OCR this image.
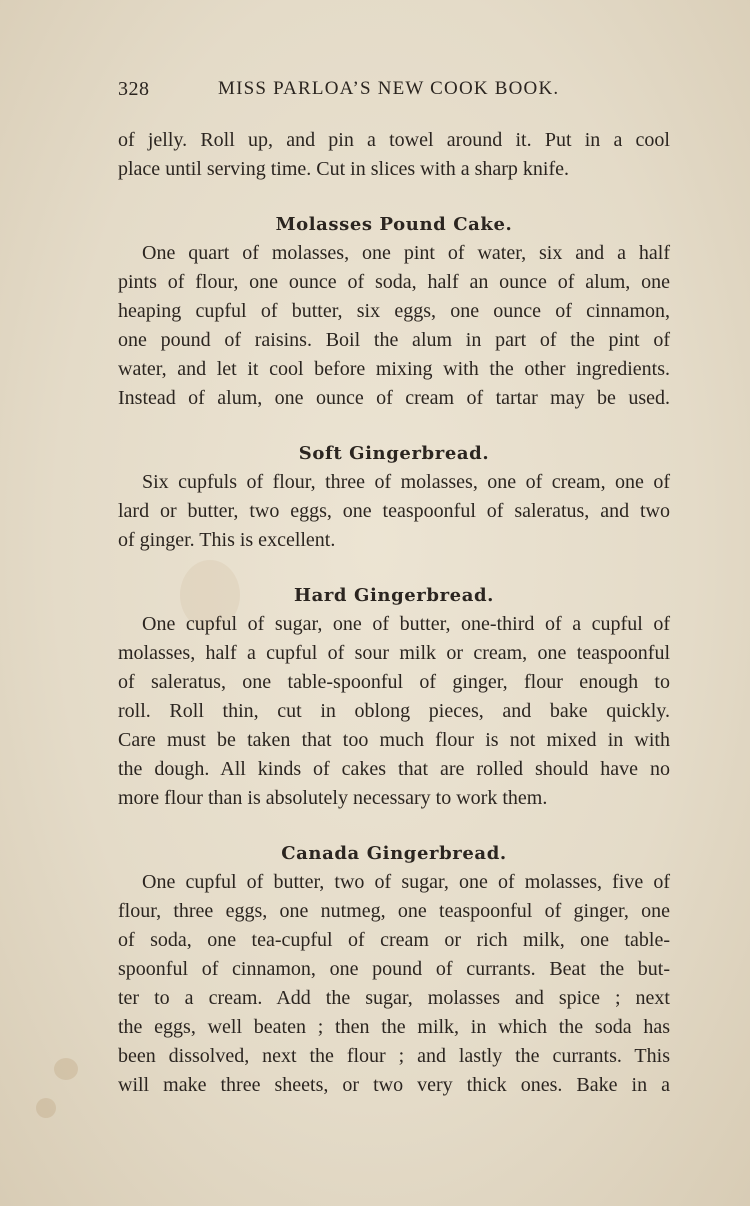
328	MISS PARLOA’S NEW COOK BOOK.
of jelly. Roll up, and pin a towel around it. Put in a cool
place until serving time. Cut in slices with a sharp knife.
Molasses Pound Cake.
One quart of molasses, one pint of water, six and a half
pints of flour, one ounce of soda, half an ounce of alum, one
heaping cupful of butter, six eggs, one ounce of cinnamon,
one pound of raisins. Boil the alum in part of the pint of
water, and let it cool before mixing with the other ingredients.
Instead of alum, one ounce of cream of tartar may be used.
Soft Gingerbread.
Six cupfuls of flour, three of molasses, one of cream, one of
lard or butter, two eggs, one teaspoonful of saleratus, and two
of ginger. This is excellent.
Hard Gingerbread.
One cupful of sugar, one of butter, one-third of a cupful of
molasses, half a cupful of sour milk or cream, one teaspoonful
of saleratus, one table-spoonful of ginger, flour enough to
roll. Roll thin, cut in oblong pieces, and bake quickly.
Care must be taken that too much flour is not mixed in with
the dough. All kinds of cakes that are rolled should have no
more flour than is absolutely necessary to work them.
Canada Gingerbread.
One cupful of butter, two of sugar, one of molasses, five of
flour, three eggs, one nutmeg, one teaspoonful of ginger, one
of soda, one tea-cupful of cream or rich milk, one table-
spoonful of cinnamon, one pound of currants. Beat the but-
ter to a cream. Add the sugar, molasses and spice ; next
the eggs, well beaten ; then the milk, in which the soda has
been dissolved, next the flour ; and lastly the currants. This
will make three sheets, or two very thick ones. Bake in a
